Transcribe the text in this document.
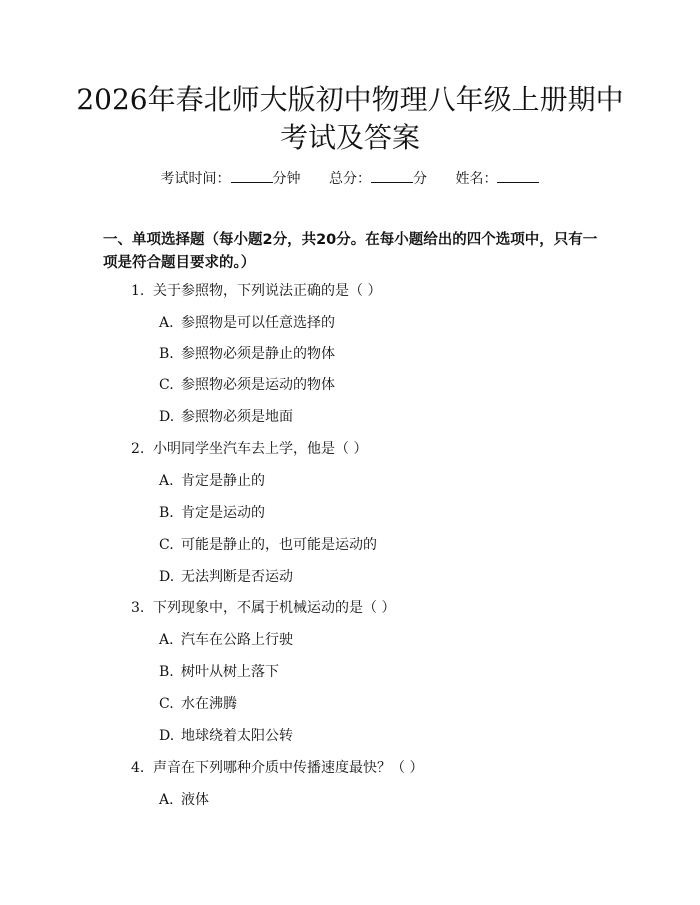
2026年春北师大版初中物理八年级上册期中
考试及答案
考试时间：	分钟 总分：	分 姓名：
一、单项选择题（每小题2分，共20分。在每小题给出的四个选项中，只有一项是符合题目要求的。）
1. 关于参照物，下列说法正确的是（ ）
A. 参照物是可以任意选择的
B. 参照物必须是静止的物体
C. 参照物必须是运动的物体
D. 参照物必须是地面
2. 小明同学坐汽车去上学，他是（ ）
A. 肯定是静止的
B. 肯定是运动的
C. 可能是静止的，也可能是运动的
D. 无法判断是否运动
3. 下列现象中，不属于机械运动的是（ ）
A. 汽车在公路上行驶
B. 树叶从树上落下
C. 水在沸腾
D. 地球绕着太阳公转
4. 声音在下列哪种介质中传播速度最快？（ ）
A. 液体
